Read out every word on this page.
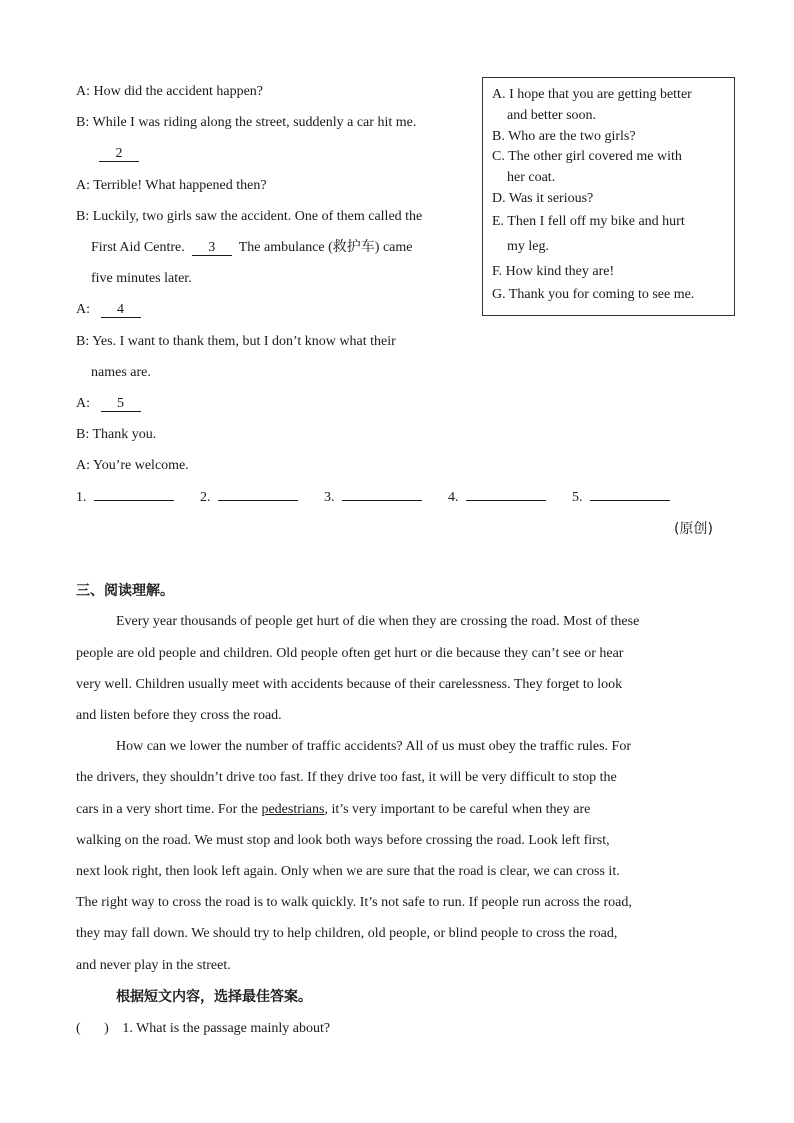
A: How did the accident happen?
B: While I was riding along the street, suddenly a car hit me.
2
A: Terrible! What happened then?
B: Luckily, two girls saw the accident. One of them called the
First Aid Centre. 3 The ambulance (救护车) came
five minutes later.
A: 4
B: Yes. I want to thank them, but I don’t know what their
names are.
A: 5
B: Thank you.
A: You’re welcome.
A. I hope that you are getting better
and better soon.
B. Who are the two girls?
C. The other girl covered me with
her coat.
D. Was it serious?
E. Then I fell off my bike and hurt
my leg.
F. How kind they are!
G. Thank you for coming to see me.
1.	2.	3.	4.	5.
(原创)
三、阅读理解。
Every year thousands of people get hurt of die when they are crossing the road. Most of these
people are old people and children. Old people often get hurt or die because they can’t see or hear
very well. Children usually meet with accidents because of their carelessness. They forget to look
and listen before they cross the road.
How can we lower the number of traffic accidents? All of us must obey the traffic rules. For
the drivers, they shouldn’t drive too fast. If they drive too fast, it will be very difficult to stop the
cars in a very short time. For the pedestrians, it’s very important to be careful when they are
walking on the road. We must stop and look both ways before crossing the road. Look left first,
next look right, then look left again. Only when we are sure that the road is clear, we can cross it.
The right way to cross the road is to walk quickly. It’s not safe to run. If people run across the road,
they may fall down. We should try to help children, old people, or blind people to cross the road,
and never play in the street.
根据短文内容，选择最佳答案。
( ) 1. What is the passage mainly about?
